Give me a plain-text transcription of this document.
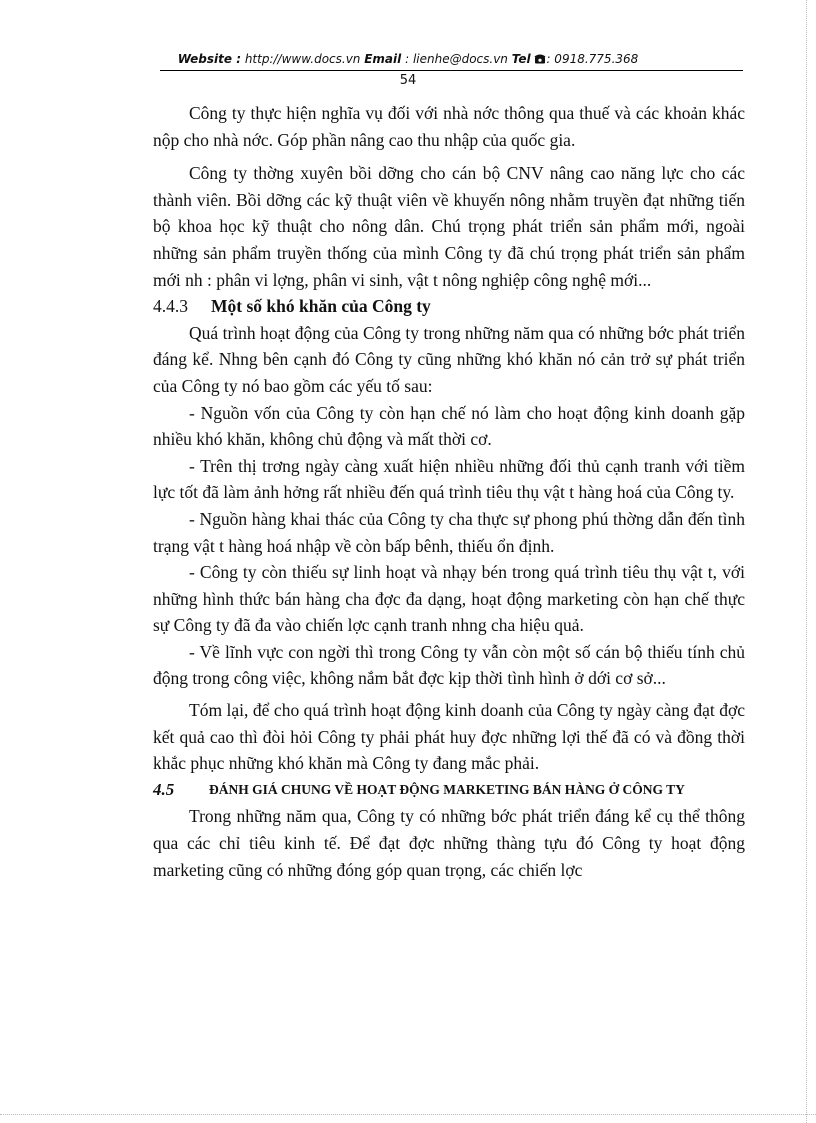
Website : http://www.docs.vn Email : lienhe@docs.vn Tel : 0918.775.368
54

Công ty thực hiện nghĩa vụ đối với nhà nớc thông qua thuế và các khoản khác nộp cho nhà nớc. Góp phần nâng cao thu nhập của quốc gia.

Công ty thờng xuyên bồi dỡng cho cán bộ CNV nâng cao năng lực cho các thành viên. Bồi dỡng các kỹ thuật viên về khuyến nông nhằm truyền đạt những tiến bộ khoa học kỹ thuật cho nông dân. Chú trọng phát triển sản phẩm mới, ngoài những sản phẩm truyền thống của mình Công ty đã chú trọng phát triển sản phẩm mới nh : phân vi lợng, phân vi sinh, vật t nông nghiệp công nghệ mới...

4.4.3 Một số khó khăn của Công ty

Quá trình hoạt động của Công ty trong những năm qua có những bớc phát triển đáng kể. Nhng bên cạnh đó Công ty cũng những khó khăn nó cản trở sự phát triển của Công ty nó bao gồm các yếu tố sau:

- Nguồn vốn của Công ty còn hạn chế nó làm cho hoạt động kinh doanh gặp nhiều khó khăn, không chủ động và mất thời cơ.

- Trên thị trơng ngày càng xuất hiện nhiều những đối thủ cạnh tranh với tiềm lực tốt đã làm ảnh hởng rất nhiều đến quá trình tiêu thụ vật t hàng hoá của Công ty.

- Nguồn hàng khai thác của Công ty cha thực sự phong phú thờng dẫn đến tình trạng vật t hàng hoá nhập về còn bấp bênh, thiếu ổn định.

- Công ty còn thiếu sự linh hoạt và nhạy bén trong quá trình tiêu thụ vật t, với những hình thức bán hàng cha đợc đa dạng, hoạt động marketing còn hạn chế thực sự Công ty đã đa vào chiến lợc cạnh tranh nhng cha hiệu quả.

- Về lĩnh vực con ngời thì trong Công ty vẫn còn một số cán bộ thiếu tính chủ động trong công việc, không nắm bắt đợc kịp thời tình hình ở dới cơ sở...

Tóm lại, để cho quá trình hoạt động kinh doanh của Công ty ngày càng đạt đợc kết quả cao thì đòi hỏi Công ty phải phát huy đợc những lợi thế đã có và đồng thời khắc phục những khó khăn mà Công ty đang mắc phải.

4.5	ĐÁNH GIÁ CHUNG VỀ HOẠT ĐỘNG MARKETING BÁN HÀNG Ở CÔNG TY

Trong những năm qua, Công ty có những bớc phát triển đáng kể cụ thể thông qua các chỉ tiêu kinh tế. Để đạt đợc những thàng tựu đó Công ty hoạt động marketing cũng có những đóng góp quan trọng, các chiến lợc
